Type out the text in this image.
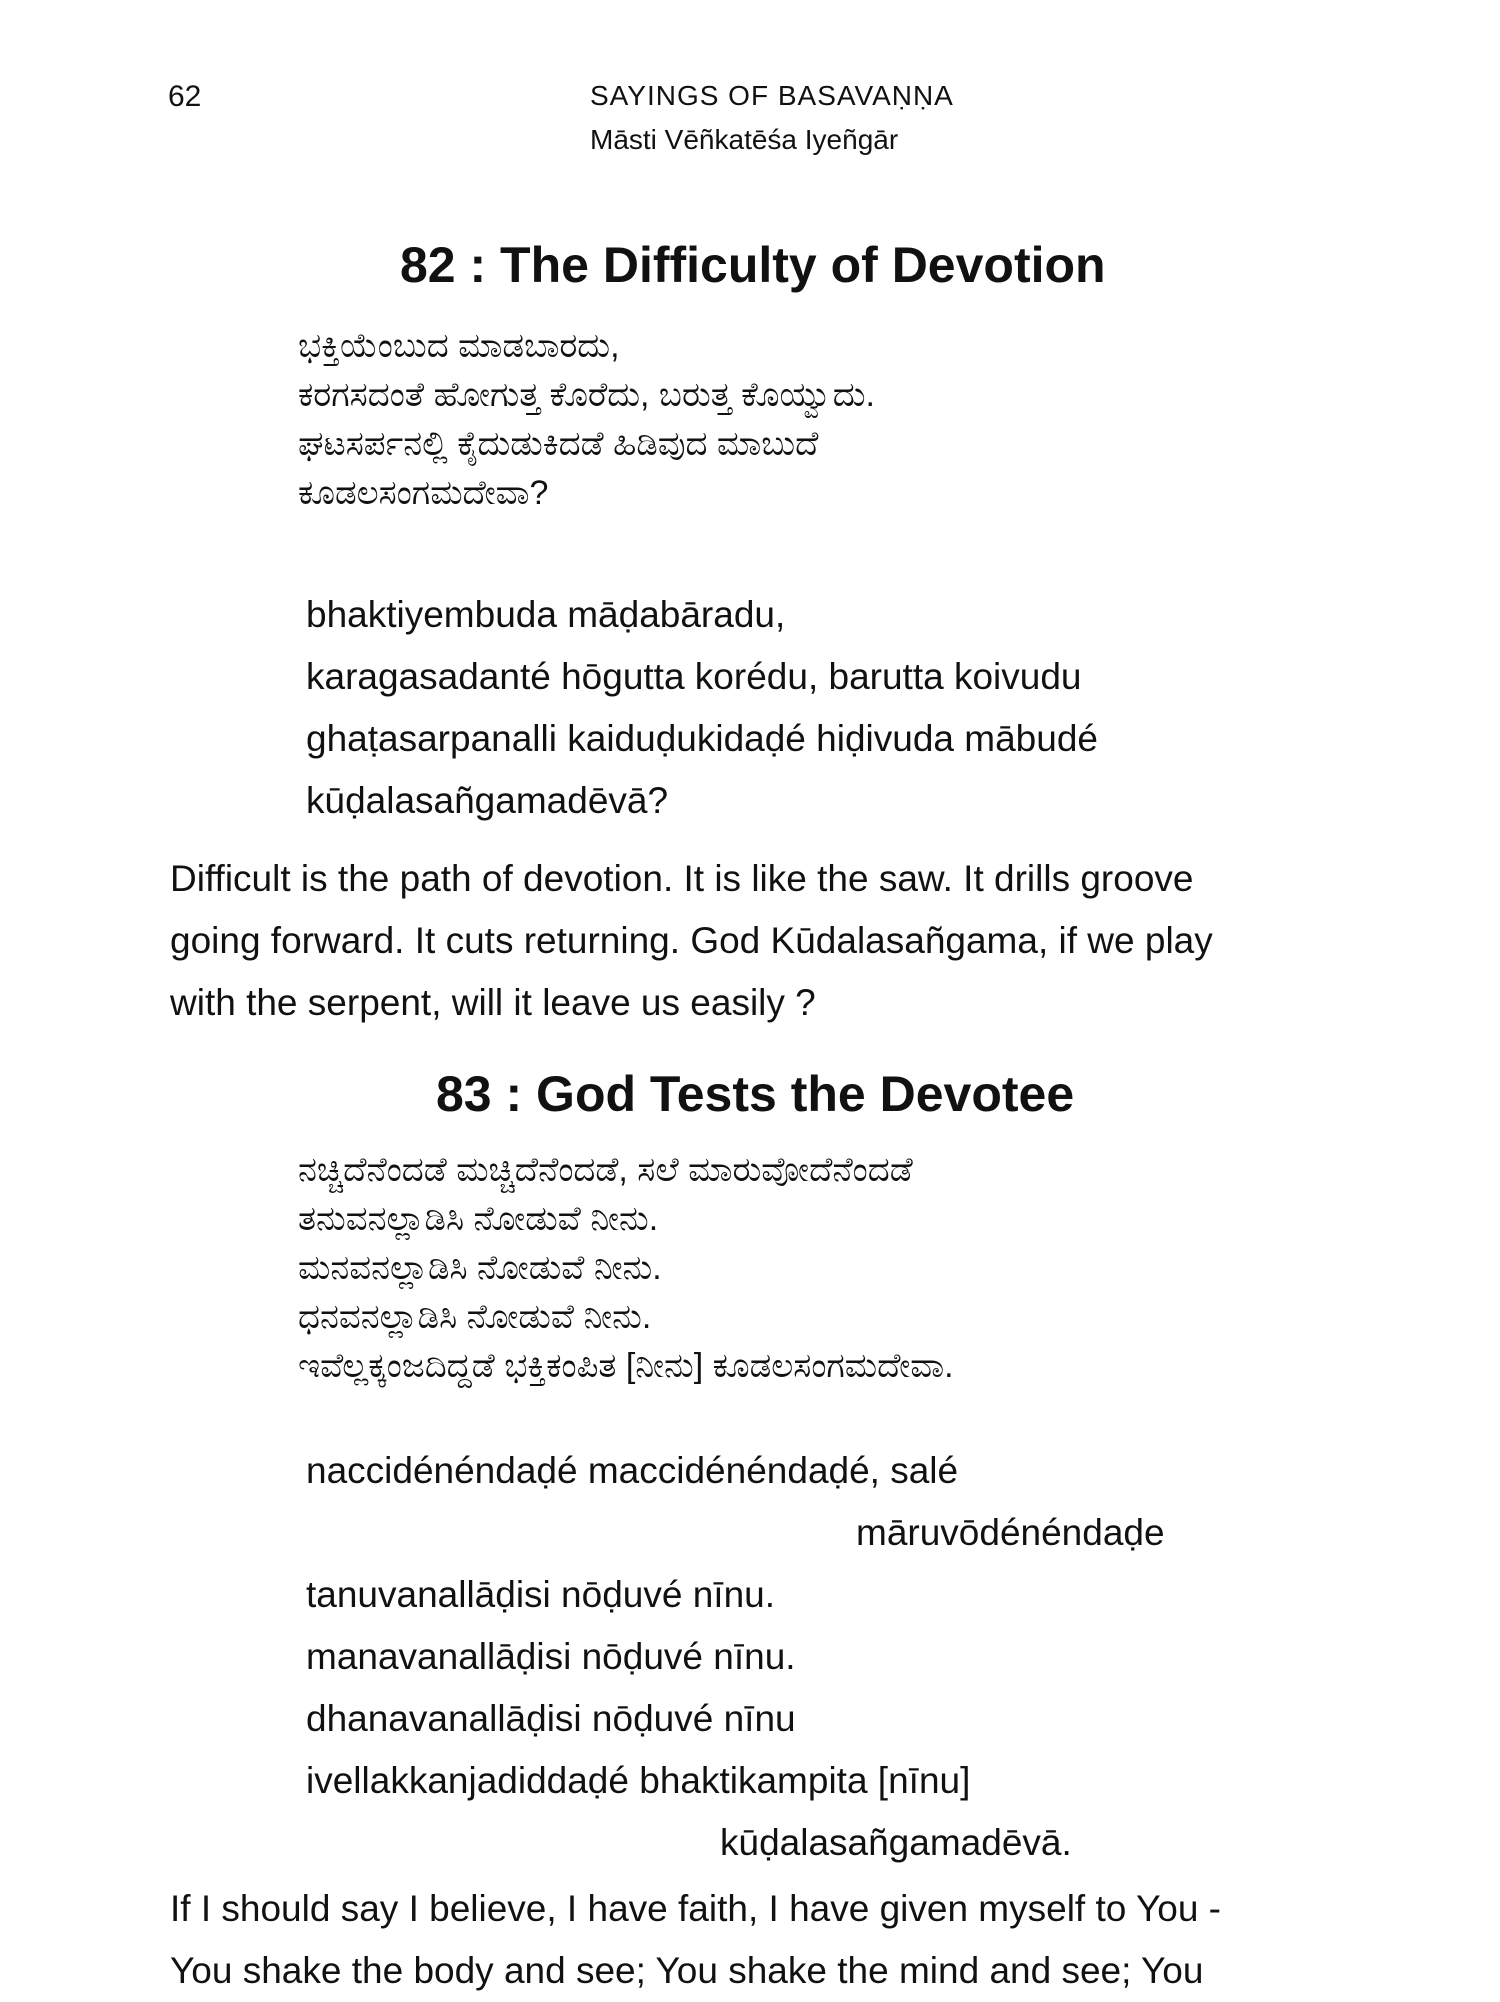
62	SAYINGS OF BASAVAṆṆA
Māsti Vēñkatēśa Iyeñgār
82 : The Difficulty of Devotion
ಭಕ್ತಿಯೆಂಬುದ ಮಾಡಬಾರದು,
ಕರಗಸದಂತೆ ಹೋಗುತ್ತ ಕೊರೆದು, ಬರುತ್ತ ಕೊಯ್ವುದು.
ಘಟಸರ್ಪನಲ್ಲಿ ಕೈದುಡುಕಿದಡೆ ಹಿಡಿವುದ ಮಾಬುದೆ
ಕೂಡಲಸಂಗಮದೇವಾ?
bhaktiyembuda māḍabāradu,
karagasadanté hōgutta korédu, barutta koivudu
ghaṭasarpanalli kaiduḍukidaḍé hiḍivuda mābudé
kūḍalasañgamadēvā?
Difficult is the path of devotion. It is like the saw. It drills groove
going forward. It cuts returning. God Kūdalasañgama, if we play
with the serpent, will it leave us easily ?
83 : God Tests the Devotee
ನಚ್ಚಿದೆನೆಂದಡೆ ಮಚ್ಚಿದೆನೆಂದಡೆ, ಸಲೆ ಮಾರುವೋದೆನೆಂದಡೆ
ತನುವನಲ್ಲಾಡಿಸಿ ನೋಡುವೆ ನೀನು.
ಮನವನಲ್ಲಾಡಿಸಿ ನೋಡುವೆ ನೀನು.
ಧನವನಲ್ಲಾಡಿಸಿ ನೋಡುವೆ ನೀನು.
ಇವೆಲ್ಲಕ್ಕಂಜದಿದ್ದಡೆ ಭಕ್ತಿಕಂಪಿತ [ನೀನು] ಕೂಡಲಸಂಗಮದೇವಾ.
naccidénéndaḍé maccidénéndaḍé, salé
māruvōdénéndaḍe
tanuvanallāḍisi nōḍuvé nīnu.
manavanallāḍisi nōḍuvé nīnu.
dhanavanallāḍisi nōḍuvé nīnu
ivellakkanjadiddaḍé bhaktikampita [nīnu]
kūḍalasañgamadēvā.
If I should say I believe, I have faith, I have given myself to You -
You shake the body and see; You shake the mind and see; You
